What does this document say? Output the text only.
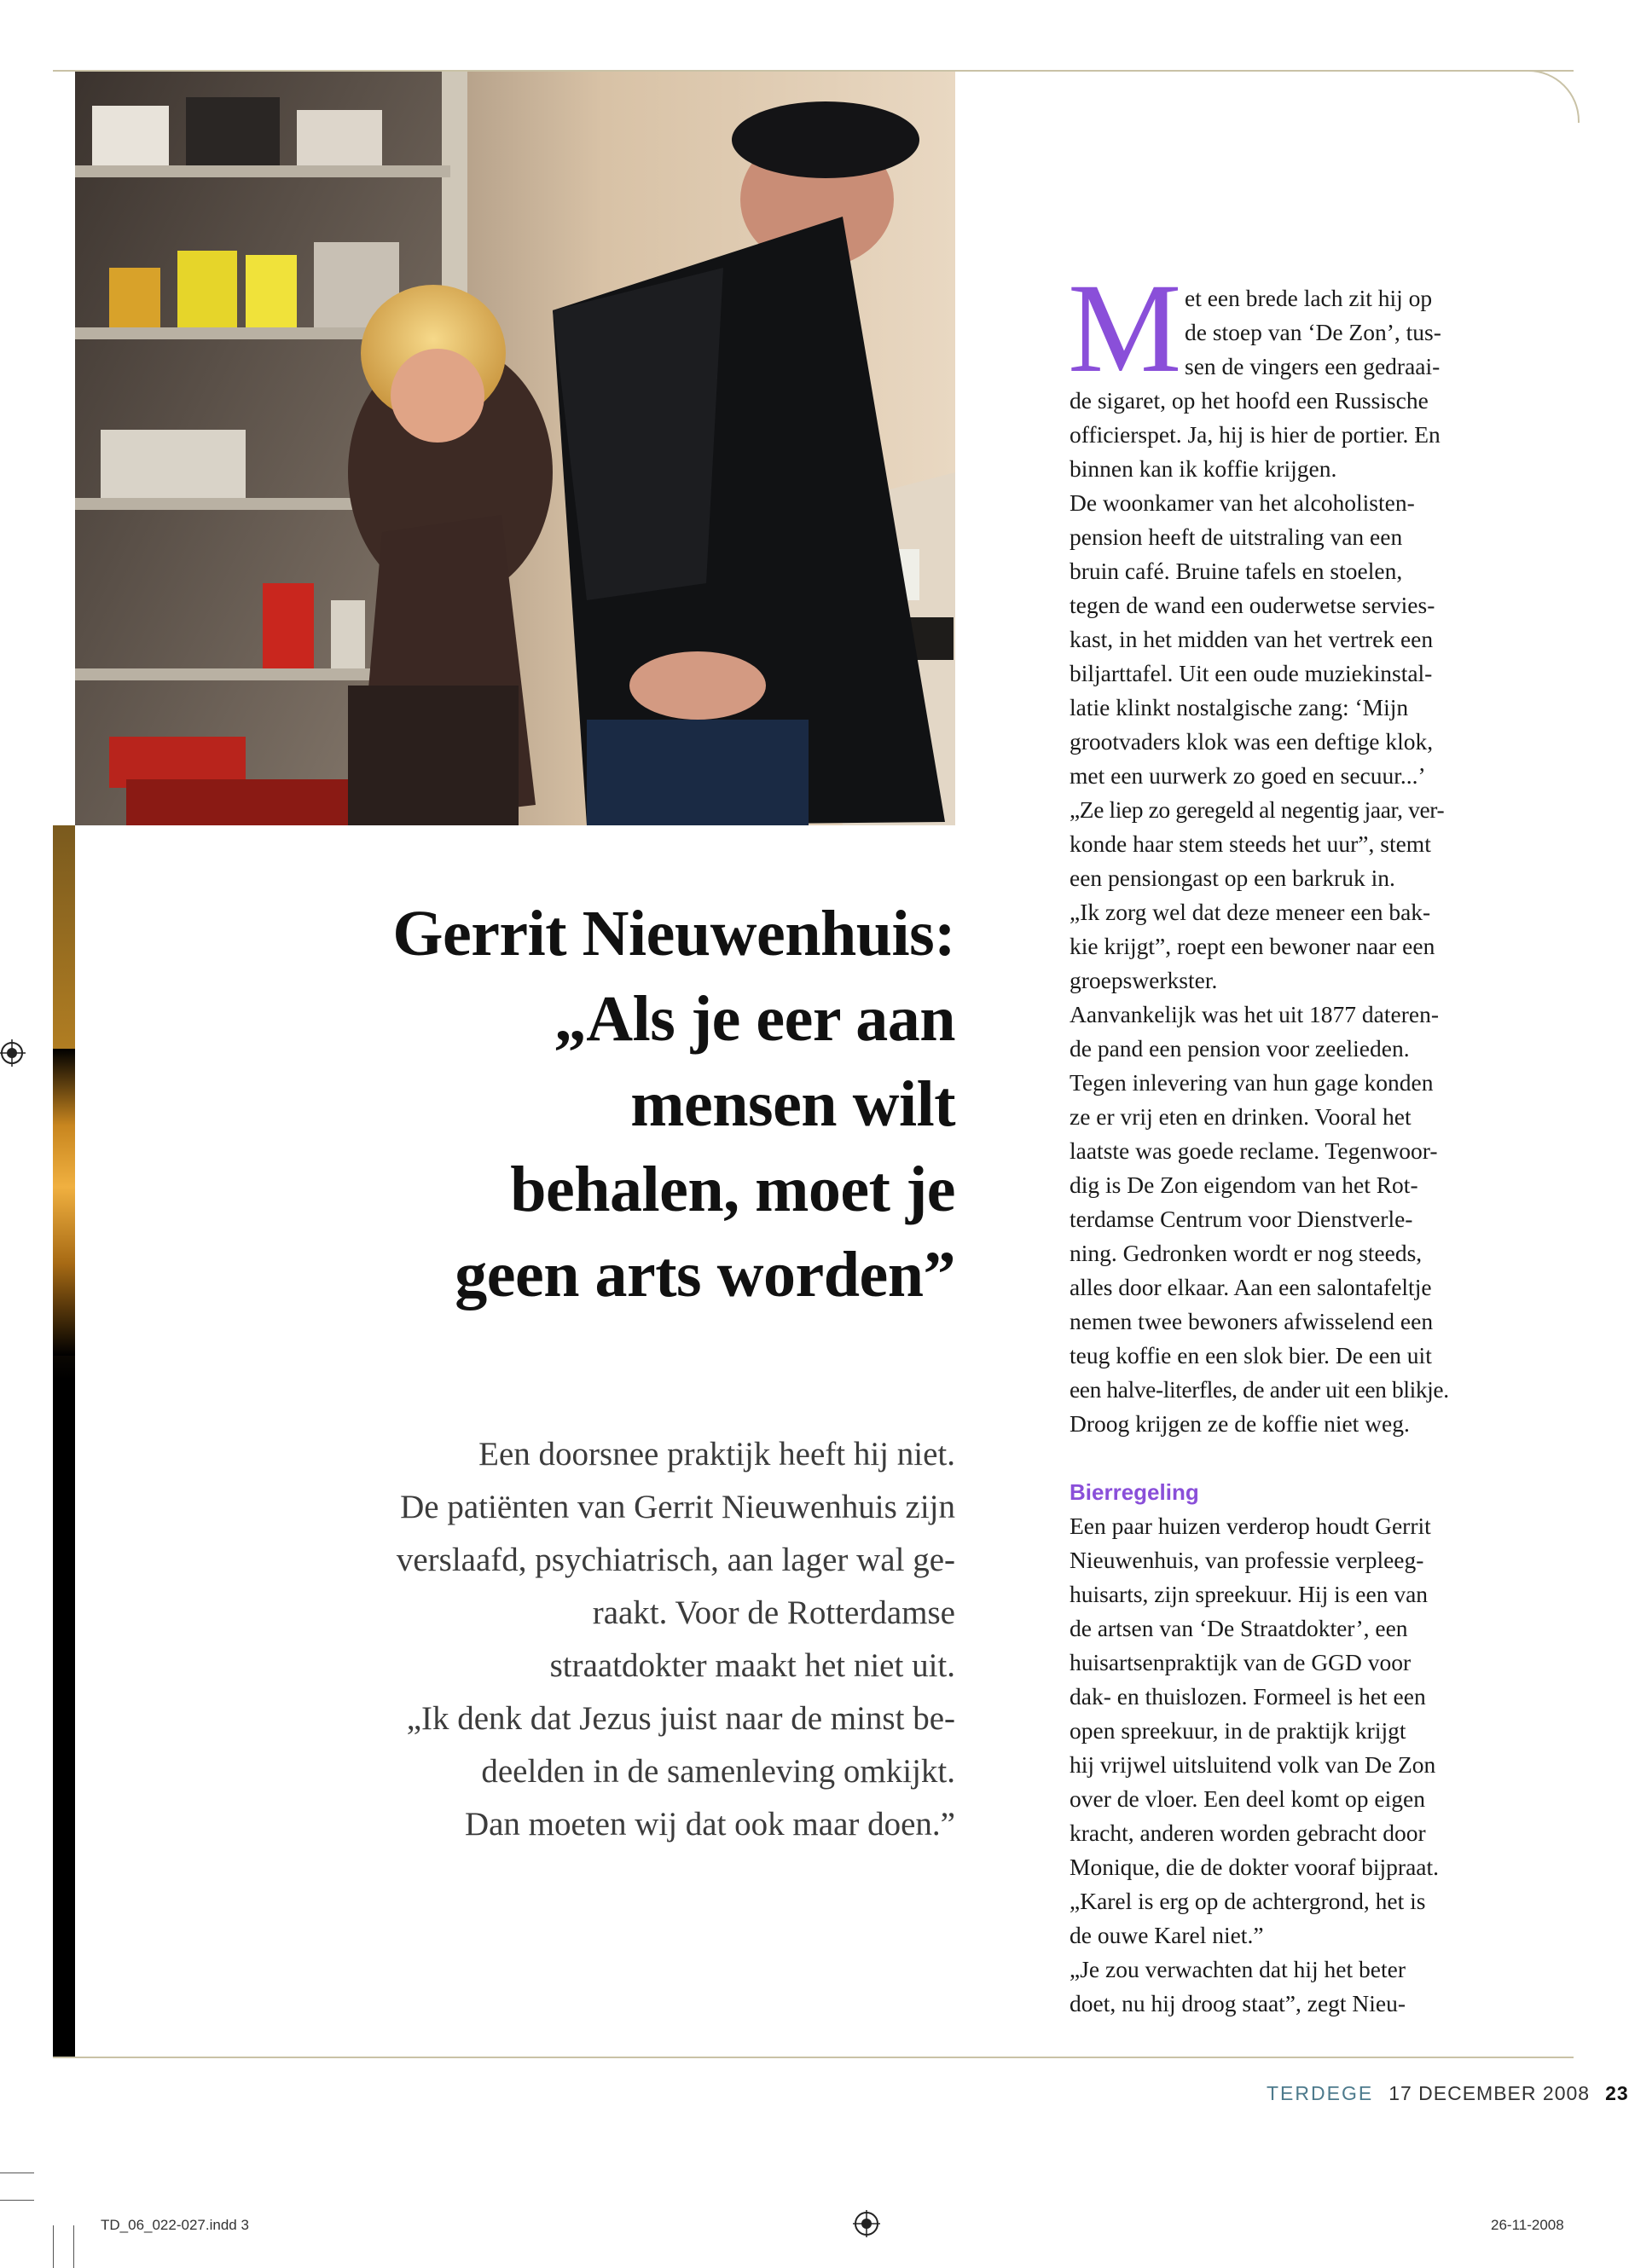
Gerrit Nieuwenhuis:
„Als je eer aan
mensen wilt
behalen, moet je
geen arts worden”
Een doorsnee praktijk heeft hij niet.
De patiënten van Gerrit Nieuwenhuis zijn
verslaafd, psychiatrisch, aan lager wal ge-
raakt. Voor de Rotterdamse
straatdokter maakt het niet uit.
„Ik denk dat Jezus juist naar de minst be-
deelden in de samenleving omkijkt.
Dan moeten wij dat ook maar doen.”
M et een brede lach zit hij op
de stoep van ‘De Zon’, tus-
sen de vingers een gedraai-
de sigaret, op het hoofd een Russische
officierspet. Ja, hij is hier de portier. En
binnen kan ik koffie krijgen.
De woonkamer van het alcoholisten-
pension heeft de uitstraling van een
bruin café. Bruine tafels en stoelen,
tegen de wand een ouderwetse servies-
kast, in het midden van het vertrek een
biljarttafel. Uit een oude muziekinstal-
latie klinkt nostalgische zang: ‘Mijn
grootvaders klok was een deftige klok,
met een uurwerk zo goed en secuur...’
„Ze liep zo geregeld al negentig jaar, ver-
konde haar stem steeds het uur”, stemt
een pensiongast op een barkruk in.
„Ik zorg wel dat deze meneer een bak-
kie krijgt”, roept een bewoner naar een
groepswerkster.
Aanvankelijk was het uit 1877 dateren-
de pand een pension voor zeelieden.
Tegen inlevering van hun gage konden
ze er vrij eten en drinken. Vooral het
laatste was goede reclame. Tegenwoor-
dig is De Zon eigendom van het Rot-
terdamse Centrum voor Dienstverle-
ning. Gedronken wordt er nog steeds,
alles door elkaar. Aan een salontafeltje
nemen twee bewoners afwisselend een
teug koffie en een slok bier. De een uit
een halve-literfles, de ander uit een blikje.
Droog krijgen ze de koffie niet weg.
Bierregeling
Een paar huizen verderop houdt Gerrit
Nieuwenhuis, van professie verpleeg-
huisarts, zijn spreekuur. Hij is een van
de artsen van ‘De Straatdokter’, een
huisartsenpraktijk van de GGD voor
dak- en thuislozen. Formeel is het een
open spreekuur, in de praktijk krijgt
hij vrijwel uitsluitend volk van De Zon
over de vloer. Een deel komt op eigen
kracht, anderen worden gebracht door
Monique, die de dokter vooraf bijpraat.
„Karel is erg op de achtergrond, het is
de ouwe Karel niet.”
„Je zou verwachten dat hij het beter
doet, nu hij droog staat”, zegt Nieu-
TERDEGE 17 DECEMBER 2008 23
TD_06_022-027.indd 3	26-11-2008
